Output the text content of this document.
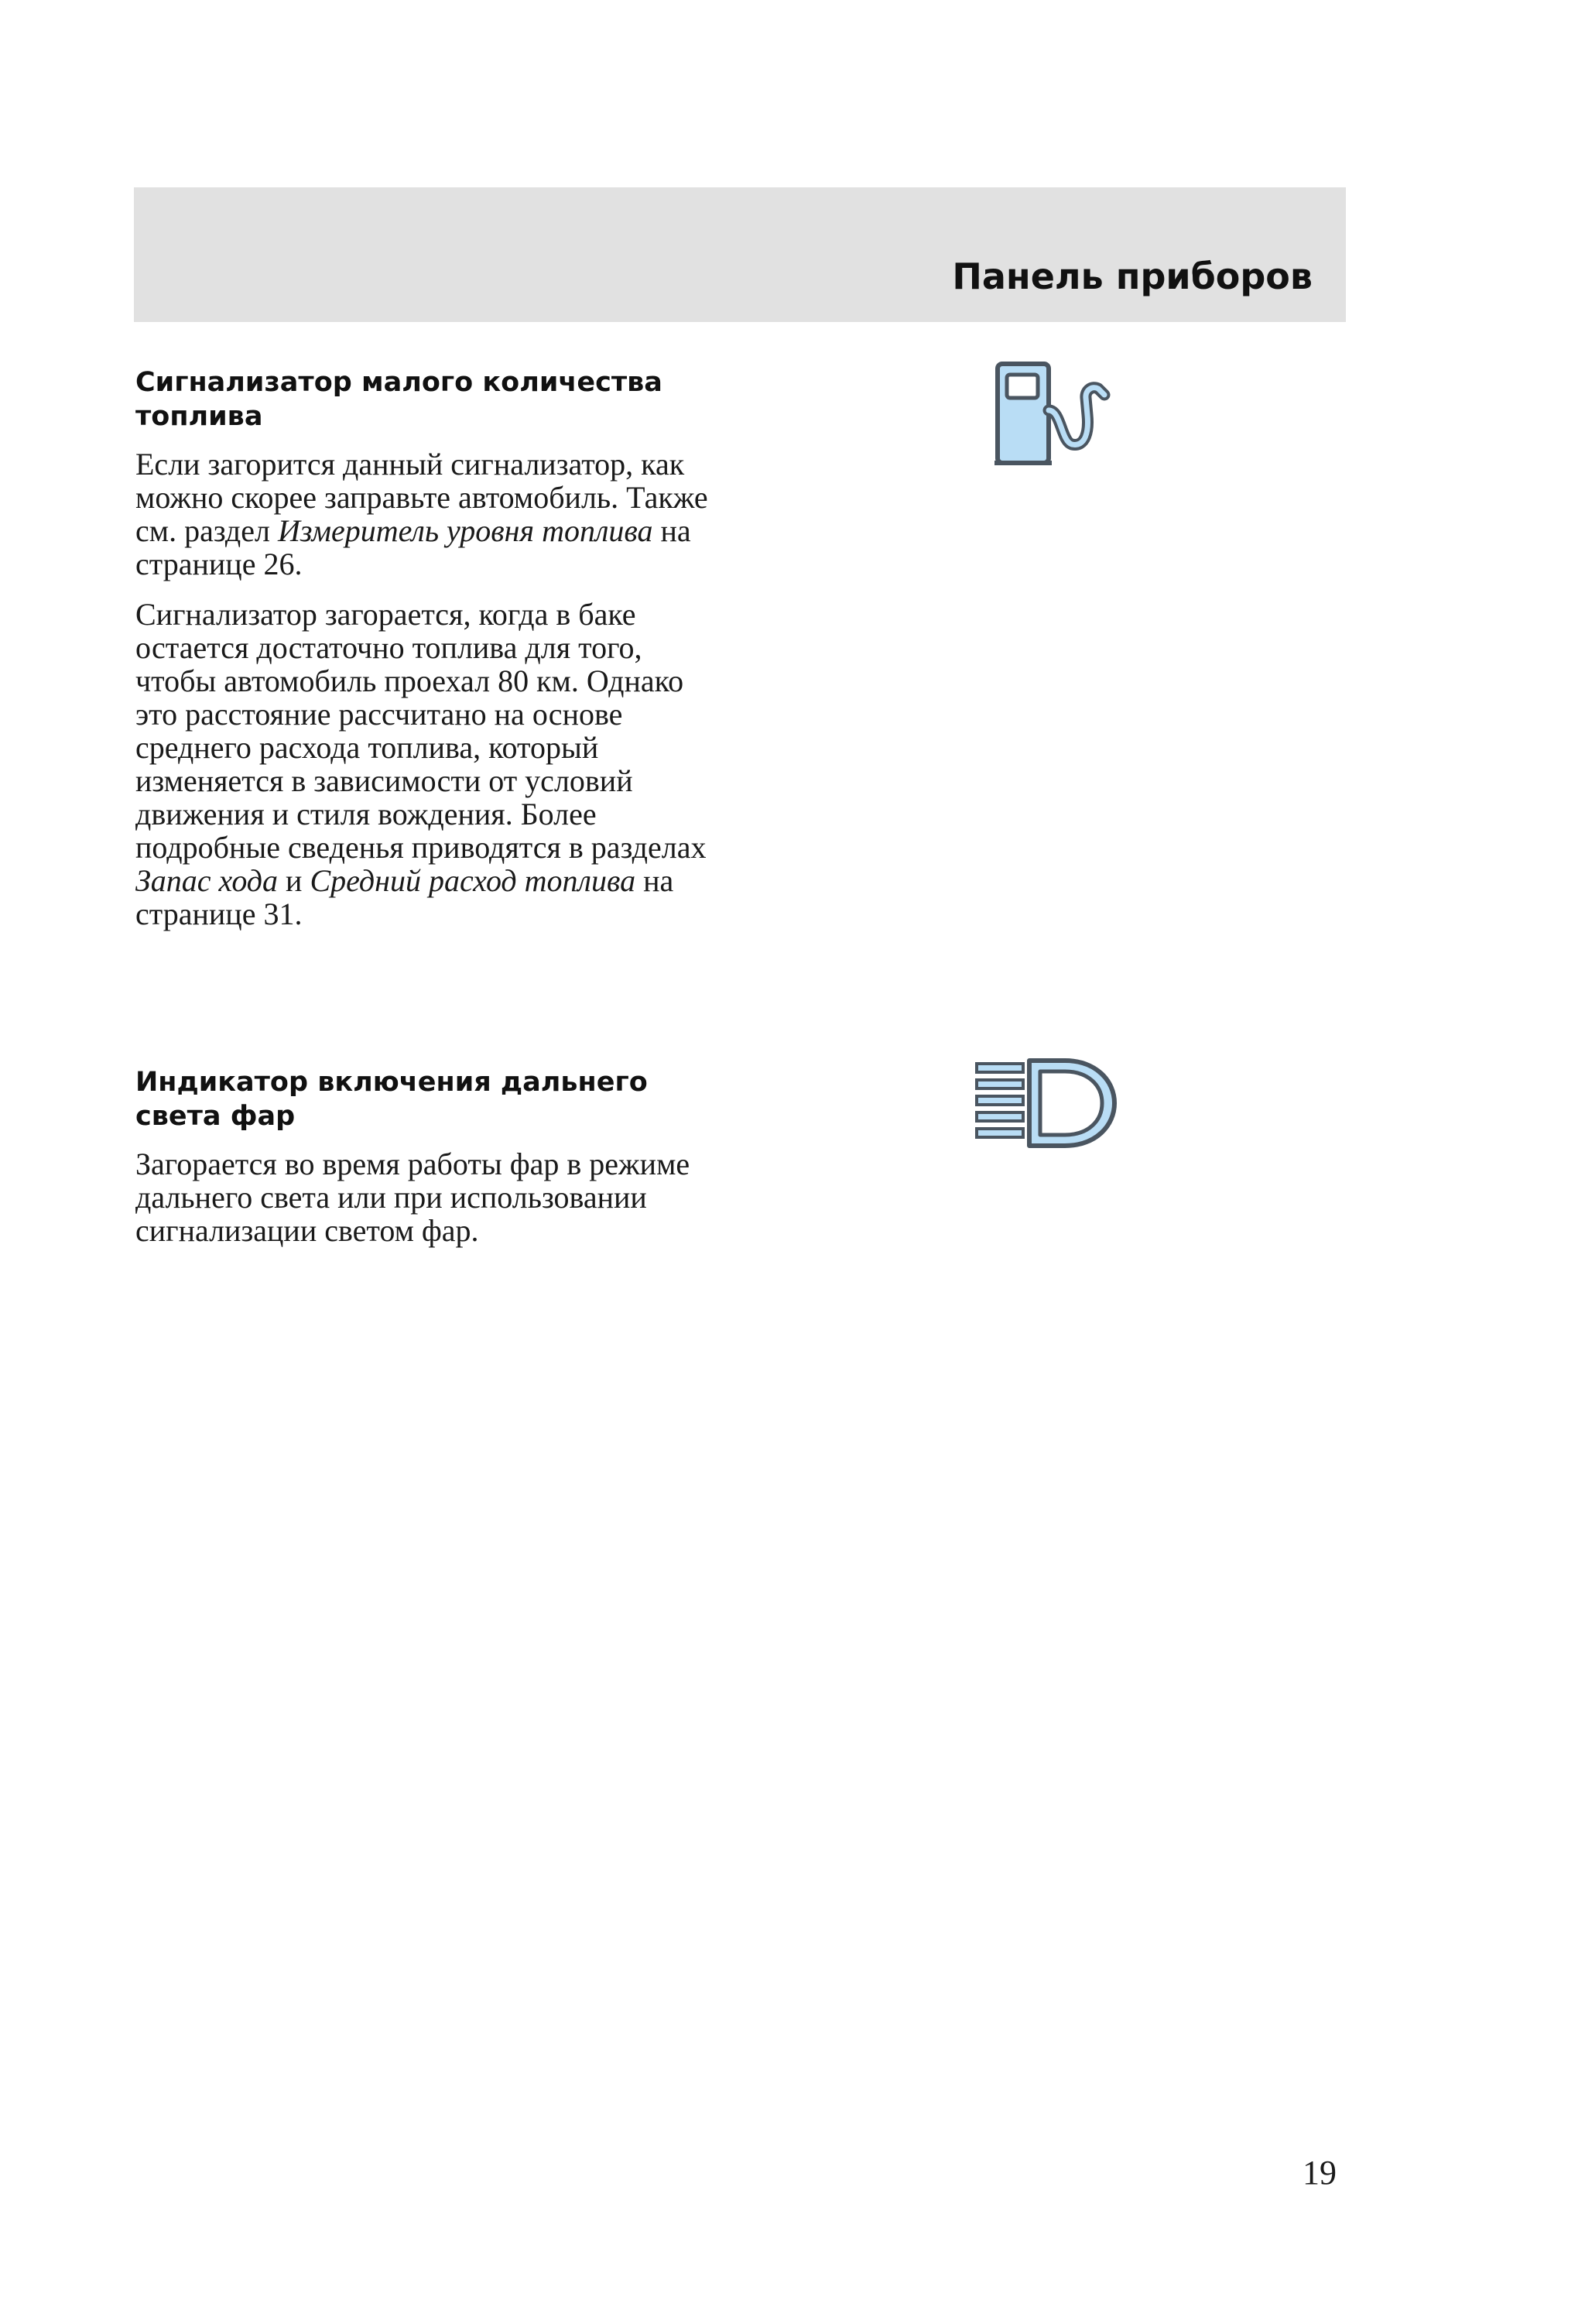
Панель приборов
Сигнализатор малого количества топлива

Если загорится данный сигнализатор, как можно скорее заправьте автомобиль. Также см. раздел Измеритель уровня топлива на странице 26.

Сигнализатор загорается, когда в баке остается достаточно топлива для того, чтобы автомобиль проехал 80 км. Однако это расстояние рассчитано на основе среднего расхода топлива, который изменяется в зависимости от условий движения и стиля вождения. Более подробные сведенья приводятся в разделах Запас хода и Средний расход топлива на странице 31.

Индикатор включения дальнего света фар

Загорается во время работы фар в режиме дальнего света или при использовании сигнализации светом фар.

19
